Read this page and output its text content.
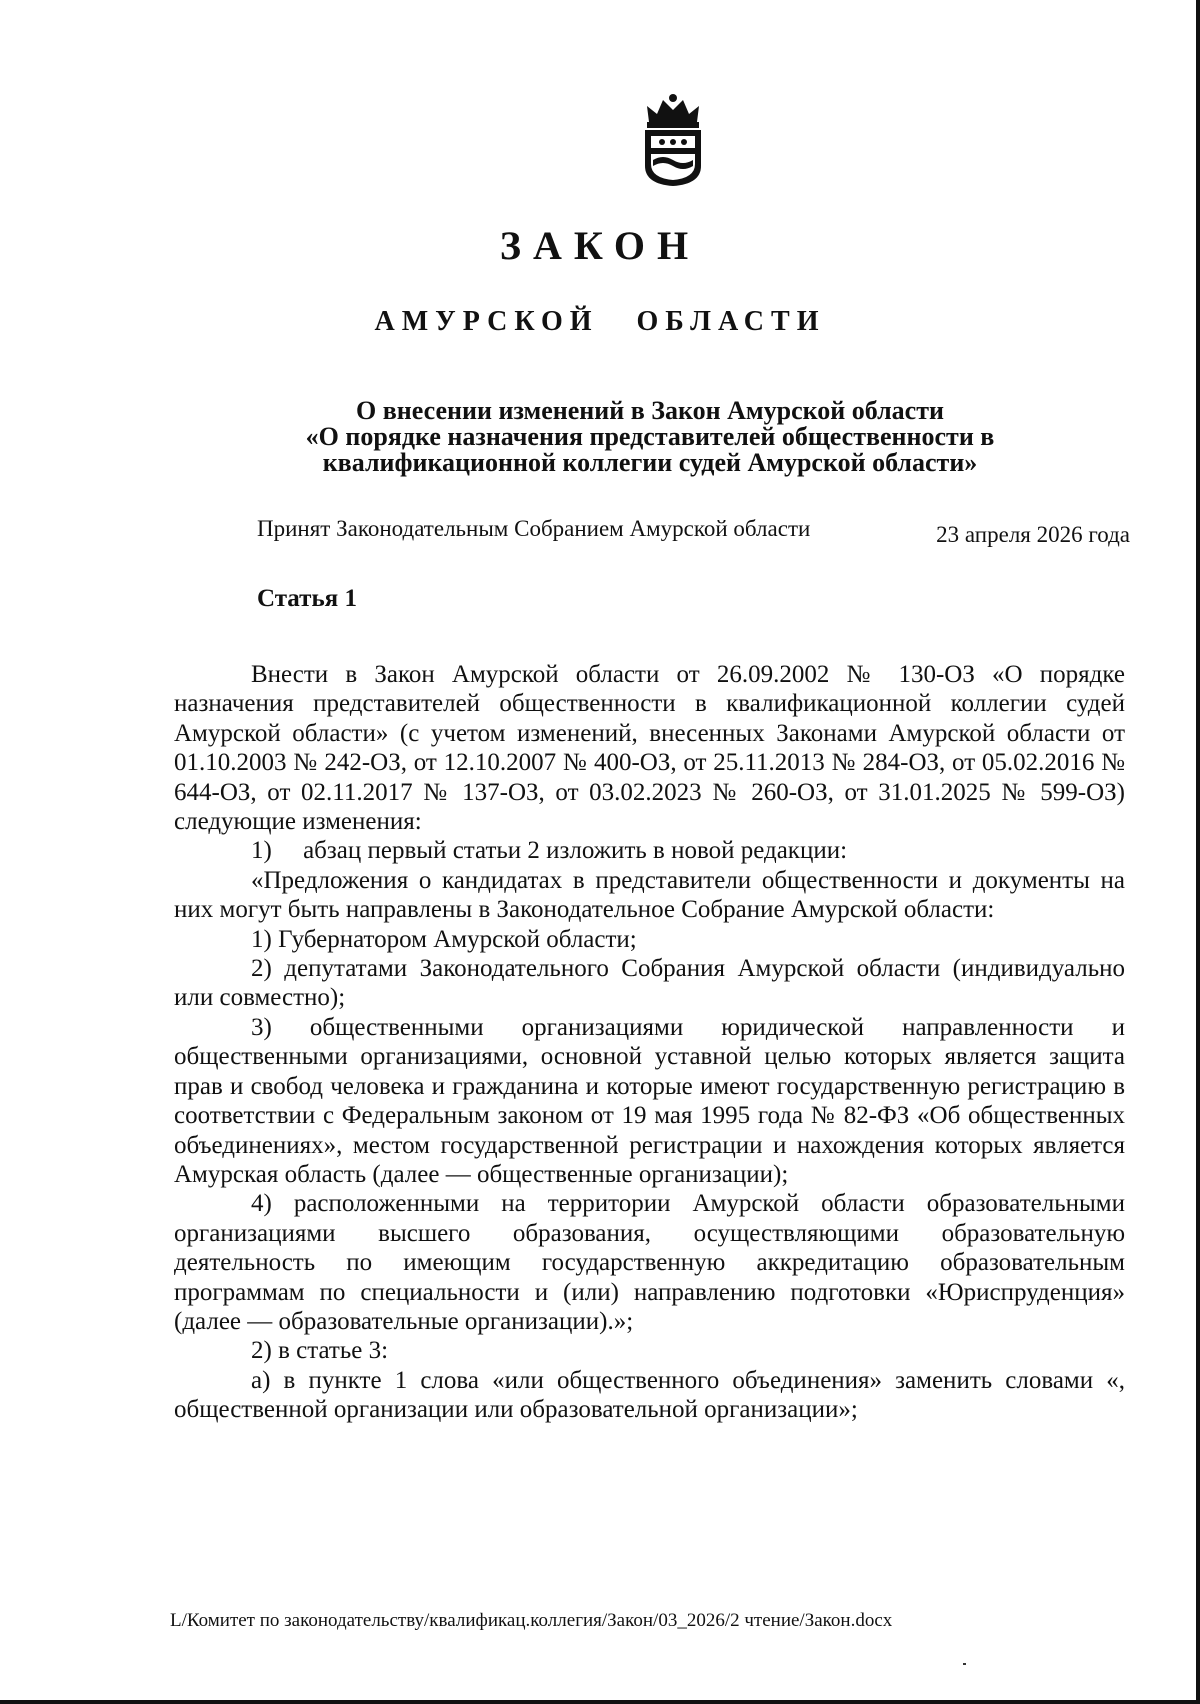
ЗАКОН
АМУРСКОЙ ОБЛАСТИ
О внесении изменений в Закон Амурской области
«О порядке назначения представителей общественности в
квалификационной коллегии судей Амурской области»
Принят Законодательным Собранием Амурской области	23 апреля 2026 года
Статья 1

Внести в Закон Амурской области от 26.09.2002 № 130-ОЗ «О порядке назначения представителей общественности в квалификационной коллегии судей Амурской области» (с учетом изменений, внесенных Законами Амурской области от 01.10.2003 № 242-ОЗ, от 12.10.2007 № 400-ОЗ, от 25.11.2013 № 284-ОЗ, от 05.02.2016 № 644-ОЗ, от 02.11.2017 № 137-ОЗ, от 03.02.2023 № 260-ОЗ, от 31.01.2025 № 599-ОЗ) следующие изменения:

1)     абзац первый статьи 2 изложить в новой редакции:

«Предложения о кандидатах в представители общественности и документы на них могут быть направлены в Законодательное Собрание Амурской области:

1) Губернатором Амурской области;

2) депутатами Законодательного Собрания Амурской области (индивидуально или совместно);

3) общественными организациями юридической направленности и общественными организациями, основной уставной целью которых является защита прав и свобод человека и гражданина и которые имеют государственную регистрацию в соответствии с Федеральным законом от 19 мая 1995 года № 82-ФЗ «Об общественных объединениях», местом государственной регистрации и нахождения которых является Амурская область (далее — общественные организации);

4) расположенными на территории Амурской области образовательными организациями высшего образования, осуществляющими образовательную деятельность по имеющим государственную аккредитацию образовательным программам по специальности и (или) направлению подготовки «Юриспруденция» (далее — образовательные организации).»;

2) в статье 3:

а) в пункте 1 слова «или общественного объединения» заменить словами «, общественной организации или образовательной организации»;

L/Комитет по законодательству/квалификац.коллегия/Закон/03_2026/2 чтение/Закон.docx
